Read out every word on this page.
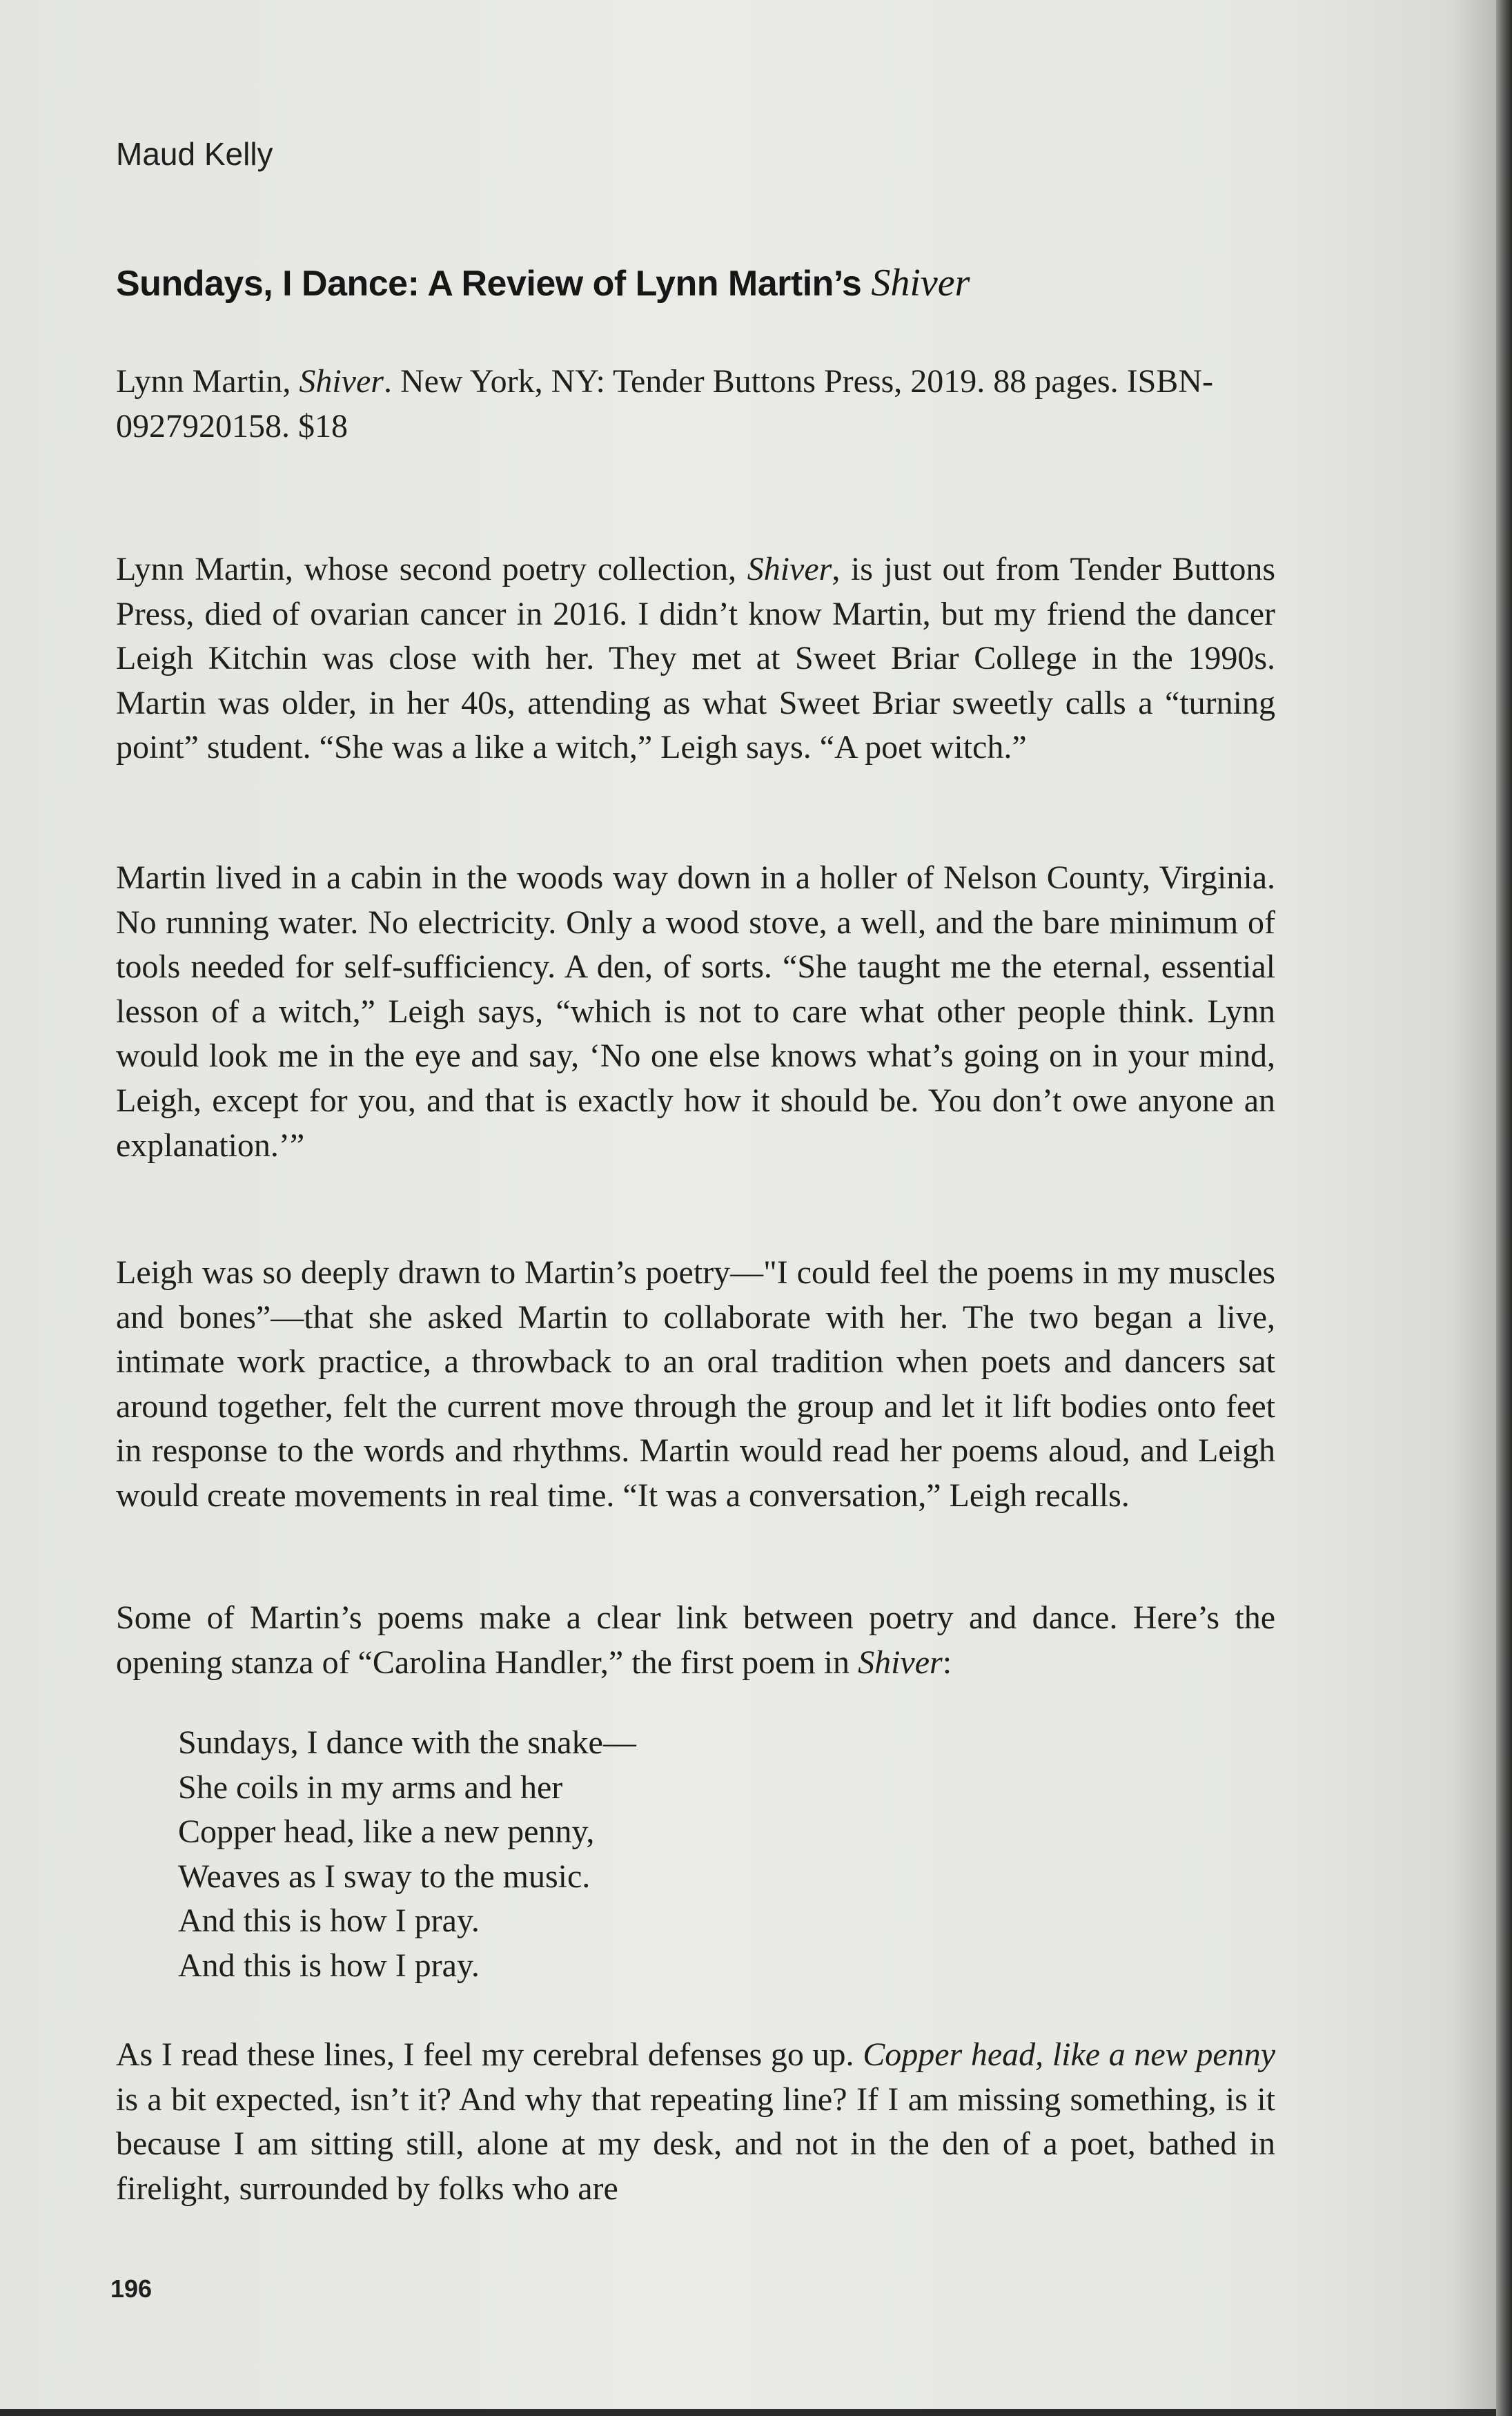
Maud Kelly

Sundays, I Dance: A Review of Lynn Martin’s Shiver

Lynn Martin, Shiver. New York, NY: Tender Buttons Press, 2019. 88 pages. ISBN-0927920158. $18

Lynn Martin, whose second poetry collection, Shiver, is just out from Tender Buttons Press, died of ovarian cancer in 2016. I didn’t know Martin, but my friend the dancer Leigh Kitchin was close with her. They met at Sweet Briar College in the 1990s. Martin was older, in her 40s, attending as what Sweet Briar sweetly calls a “turning point” student. “She was a like a witch,” Leigh says. “A poet witch.”

Martin lived in a cabin in the woods way down in a holler of Nelson County, Virginia. No running water. No electricity. Only a wood stove, a well, and the bare minimum of tools needed for self-sufficiency. A den, of sorts. “She taught me the eternal, essential lesson of a witch,” Leigh says, “which is not to care what other people think. Lynn would look me in the eye and say, ‘No one else knows what’s going on in your mind, Leigh, except for you, and that is exactly how it should be. You don’t owe anyone an explanation.’”

Leigh was so deeply drawn to Martin’s poetry—"I could feel the poems in my muscles and bones”—that she asked Martin to collaborate with her. The two began a live, intimate work practice, a throwback to an oral tradition when poets and dancers sat around together, felt the current move through the group and let it lift bodies onto feet in response to the words and rhythms. Martin would read her poems aloud, and Leigh would create movements in real time. “It was a conversation,” Leigh recalls.

Some of Martin’s poems make a clear link between poetry and dance. Here’s the opening stanza of “Carolina Handler,” the first poem in Shiver:

Sundays, I dance with the snake—
She coils in my arms and her
Copper head, like a new penny,
Weaves as I sway to the music.
And this is how I pray.
And this is how I pray.

As I read these lines, I feel my cerebral defenses go up. Copper head, like a new penny is a bit expected, isn’t it? And why that repeating line? If I am missing something, is it because I am sitting still, alone at my desk, and not in the den of a poet, bathed in firelight, surrounded by folks who are

196
